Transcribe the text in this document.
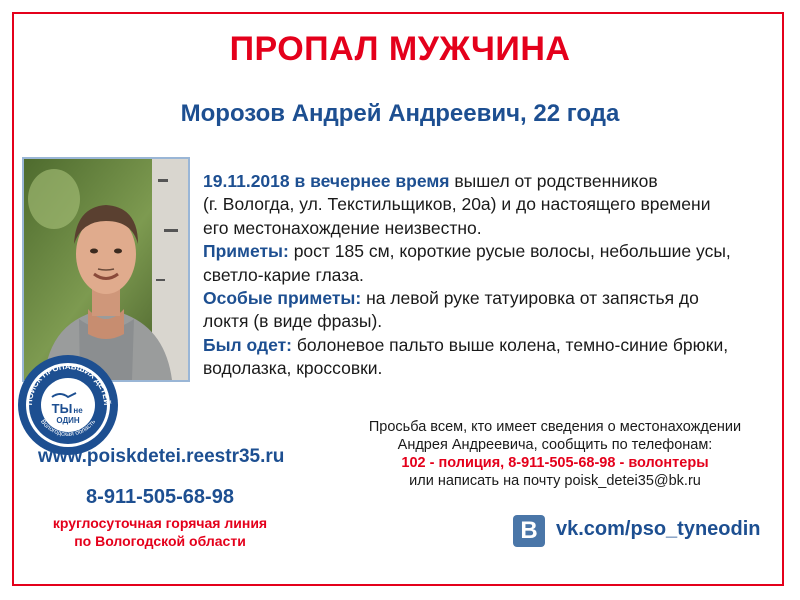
ПРОПАЛ МУЖЧИНА
Морозов Андрей Андреевич, 22 года

19.11.2018 в вечернее время вышел от родственников

(г. Вологда, ул. Текстильщиков, 20а) и до настоящего времени

его местонахождение неизвестно.

Приметы: рост 185 см, короткие русые волосы, небольшие усы,

светло-карие глаза.

Особые приметы: на левой руке татуировка от запястья до

локтя (в виде фразы).

Был одет: болоневое пальто выше колена, темно-синие брюки,

водолазка, кроссовки.

ПОИСК ПРОПАВШИХ ДЕТЕЙ
Вологодская область
ТЫ не
ОДИН
www.poiskdetei.reestr35.ru
8-911-505-68-98
круглосуточная горячая линия
по Вологодской области
Просьба всем, кто имеет сведения о местонахождении
Андрея Андреевича, сообщить по телефонам:
102 - полиция, 8-911-505-68-98 - волонтеры
или написать на почту poisk_detei35@bk.ru
В vk.com/pso_tyneodin
